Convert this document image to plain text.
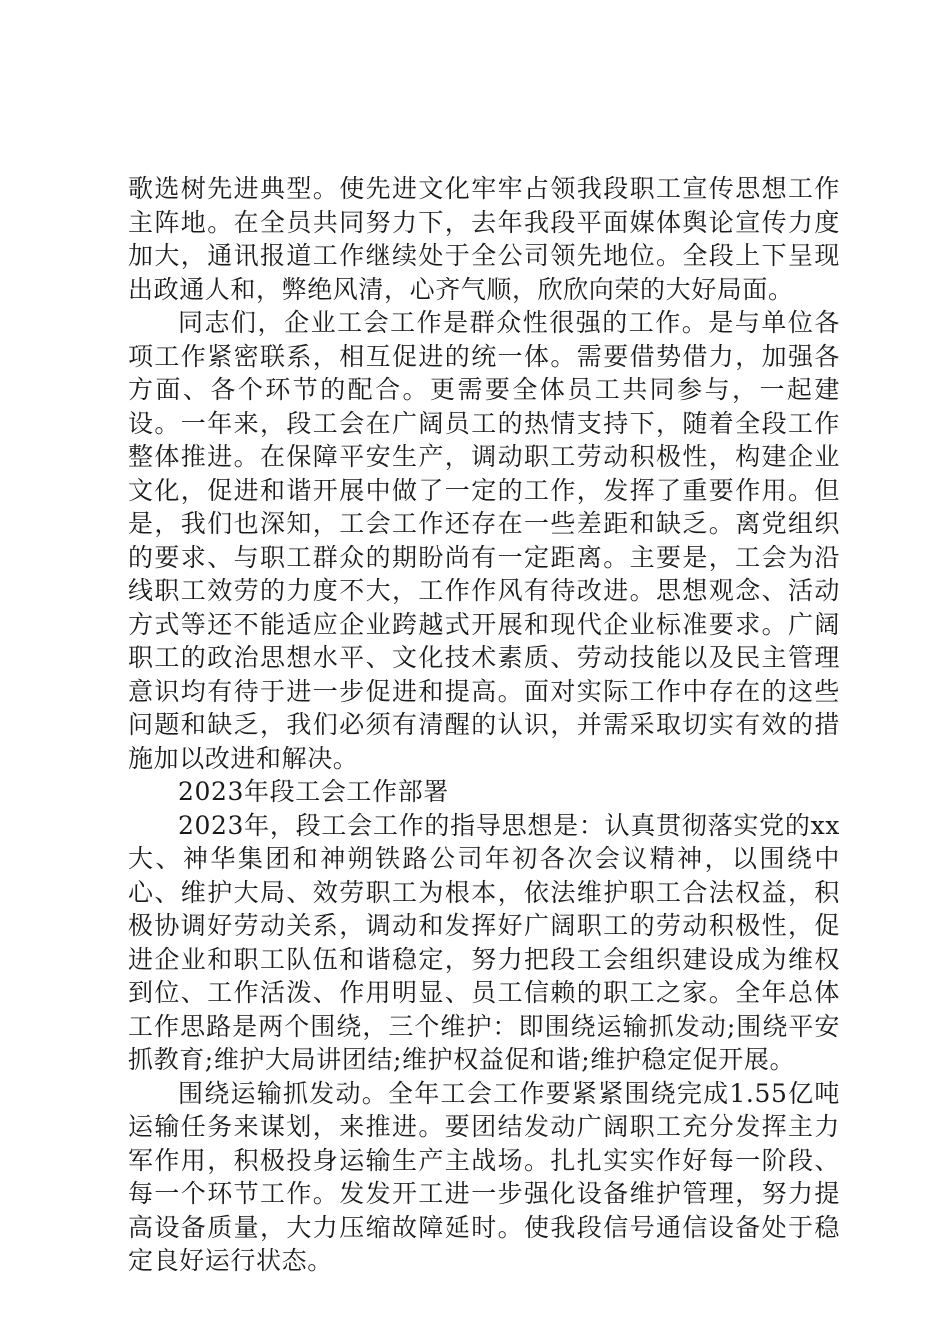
歌选树先进典型。使先进文化牢牢占领我段职工宣传思想工作主阵地。在全员共同努力下，去年我段平面媒体舆论宣传力度加大，通讯报道工作继续处于全公司领先地位。全段上下呈现出政通人和，弊绝风清，心齐气顺，欣欣向荣的大好局面。

同志们，企业工会工作是群众性很强的工作。是与单位各项工作紧密联系，相互促进的统一体。需要借势借力，加强各方面、各个环节的配合。更需要全体员工共同参与，一起建设。一年来，段工会在广阔员工的热情支持下，随着全段工作整体推进。在保障平安生产，调动职工劳动积极性，构建企业文化，促进和谐开展中做了一定的工作，发挥了重要作用。但是，我们也深知，工会工作还存在一些差距和缺乏。离党组织的要求、与职工群众的期盼尚有一定距离。主要是，工会为沿线职工效劳的力度不大，工作作风有待改进。思想观念、活动方式等还不能适应企业跨越式开展和现代企业标准要求。广阔职工的政治思想水平、文化技术素质、劳动技能以及民主管理意识均有待于进一步促进和提高。面对实际工作中存在的这些问题和缺乏，我们必须有清醒的认识，并需采取切实有效的措施加以改进和解决。

2023年段工会工作部署

2023年，段工会工作的指导思想是：认真贯彻落实党的xx大、神华集团和神朔铁路公司年初各次会议精神，以围绕中心、维护大局、效劳职工为根本，依法维护职工合法权益，积极协调好劳动关系，调动和发挥好广阔职工的劳动积极性，促进企业和职工队伍和谐稳定，努力把段工会组织建设成为维权到位、工作活泼、作用明显、员工信赖的职工之家。全年总体工作思路是两个围绕，三个维护：即围绕运输抓发动;围绕平安抓教育;维护大局讲团结;维护权益促和谐;维护稳定促开展。

围绕运输抓发动。全年工会工作要紧紧围绕完成1.55亿吨运输任务来谋划，来推进。要团结发动广阔职工充分发挥主力军作用，积极投身运输生产主战场。扎扎实实作好每一阶段、每一个环节工作。发发开工进一步强化设备维护管理，努力提高设备质量，大力压缩故障延时。使我段信号通信设备处于稳定良好运行状态。
